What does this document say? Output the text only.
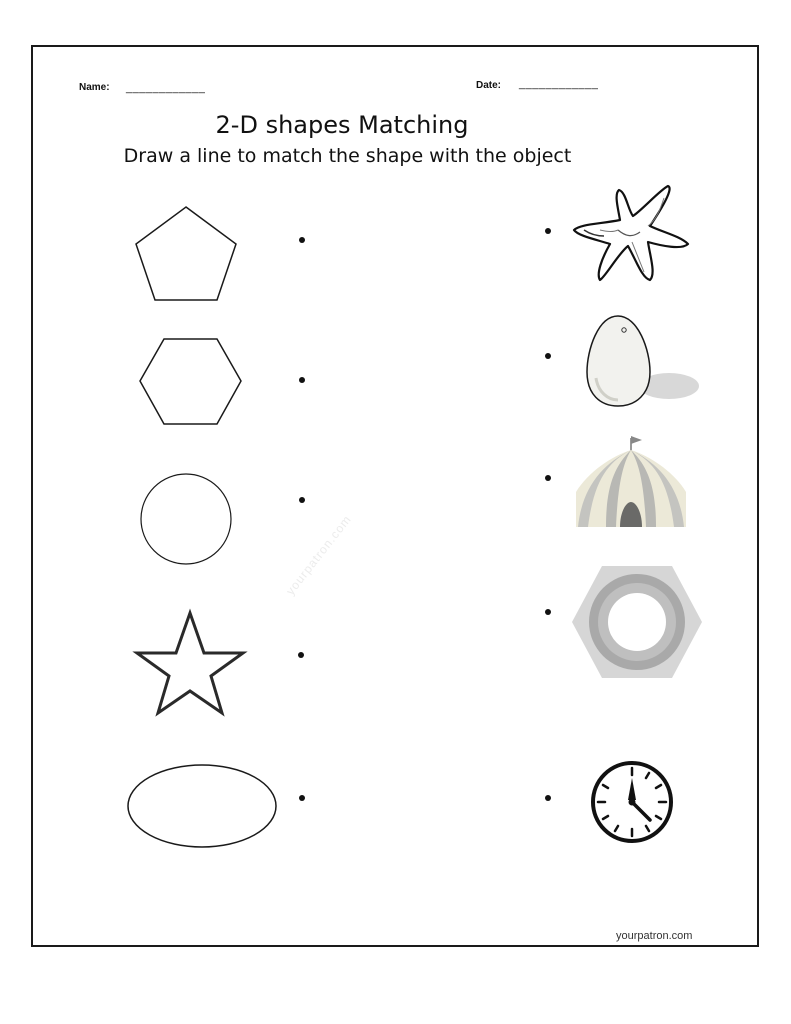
Name: ____________	Date: ____________
2-D shapes Matching
Draw a line to match the shape with the object
yourpatron.com
yourpatron.com
